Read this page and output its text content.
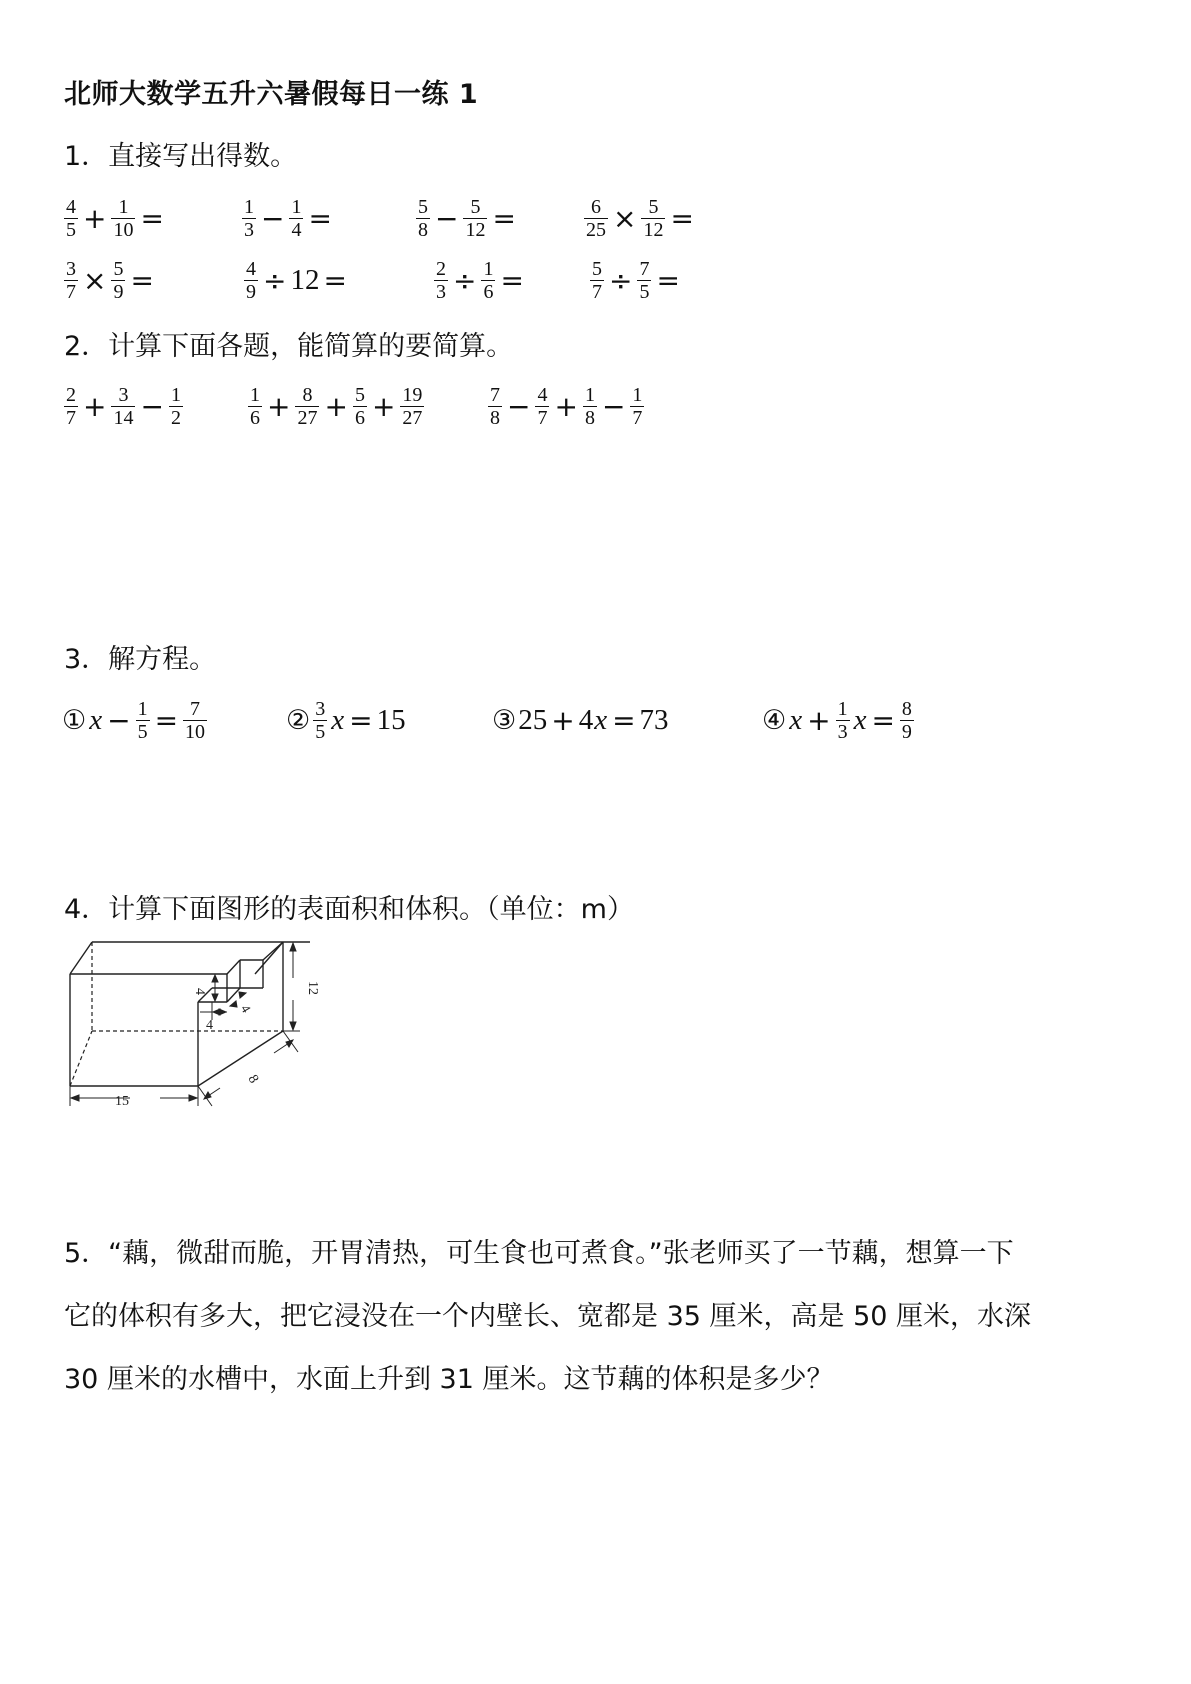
北师大数学五升六暑假每日一练 1
1．直接写出得数。
$\frac{4}{5} + \frac{1}{10}$ =	$\frac{1}{3} - \frac{1}{4}$ =	$\frac{5}{8} - \frac{5}{12}$ =	$\frac{6}{25} \times \frac{5}{12}$ =
$\frac{3}{7} \times \frac{5}{9}$ =	$\frac{4}{9} \div 12$ =	$\frac{2}{3} \div \frac{1}{6}$ =	$\frac{5}{7} \div \frac{7}{5}$ =
2．计算下面各题，能简算的要简算。
$\frac{2}{7} + \frac{3}{14} - \frac{1}{2}$	$\frac{1}{6} + \frac{8}{27} + \frac{5}{6} + \frac{19}{27}$	$\frac{7}{8} - \frac{4}{7} + \frac{1}{8} - \frac{1}{7}$
3．解方程。
① $x - \frac{1}{5} = \frac{7}{10}$	② $\frac{3}{5}$ x = 15	③ 25 + 4 x = 73	④ $x + \frac{1}{3}$ $x = \frac{8}{9}$
4．计算下面图形的表面积和体积。（单位：m）
15
12
8
4
4
4
5．“藕，微甜而脆，开胃清热，可生食也可煮食。”张老师买了一节藕，想算一下
它的体积有多大，把它浸没在一个内壁长、宽都是 35 厘米，高是 50 厘米，水深
30 厘米的水槽中，水面上升到 31 厘米。这节藕的体积是多少？
